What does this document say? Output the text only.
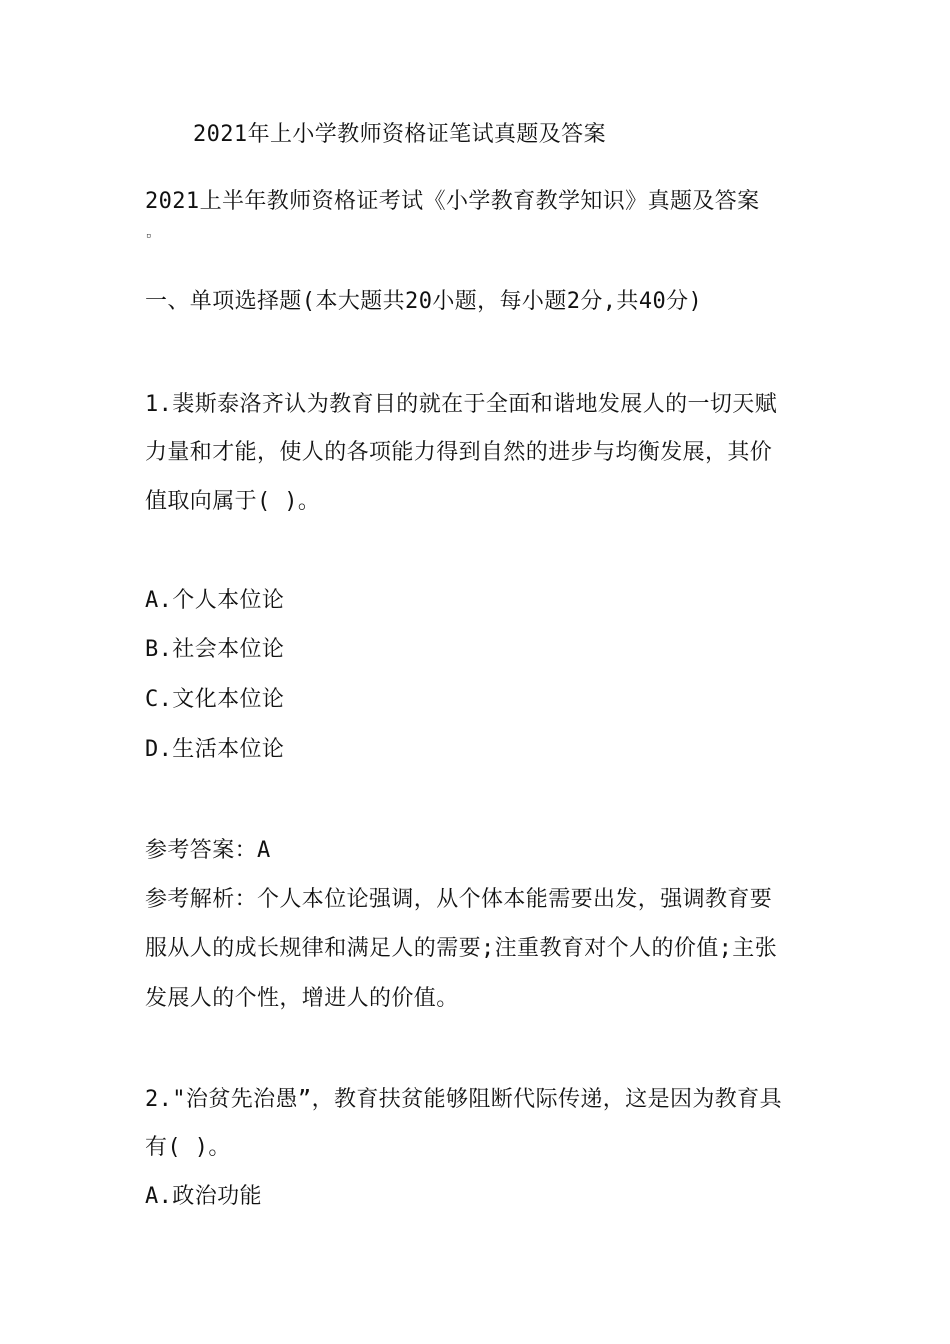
2021年上小学教师资格证笔试真题及答案
2021上半年教师资格证考试《小学教育教学知识》真题及答案
▫
一、单项选择题(本大题共20小题，每小题2分,共40分)
1.裴斯泰洛齐认为教育目的就在于全面和谐地发展人的一切天赋
力量和才能，使人的各项能力得到自然的进步与均衡发展，其价
值取向属于( )。
A.个人本位论
B.社会本位论
C.文化本位论
D.生活本位论
参考答案：A
参考解析：个人本位论强调，从个体本能需要出发，强调教育要
服从人的成长规律和满足人的需要;注重教育对个人的价值;主张
发展人的个性，增进人的价值。
2."治贫先治愚”，教育扶贫能够阻断代际传递，这是因为教育具
有( )。
A.政治功能
